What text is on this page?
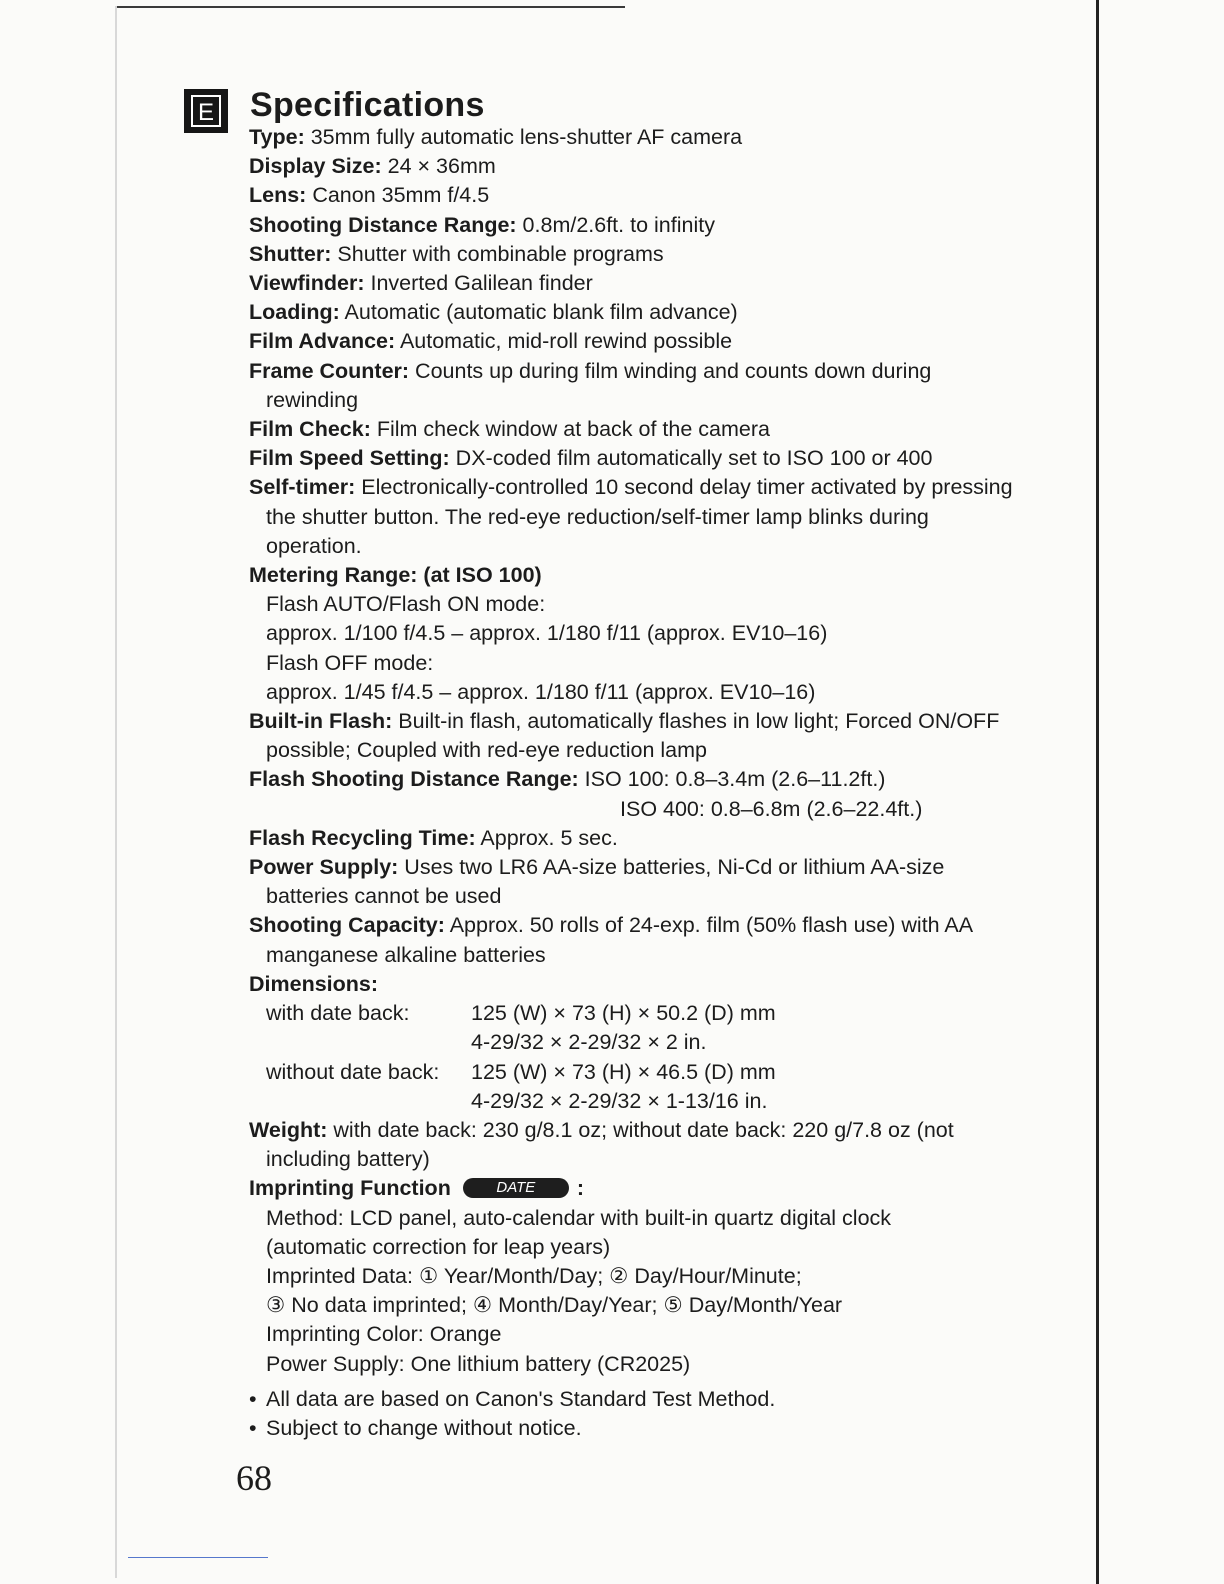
E	Specifications

Type: 35mm fully automatic lens-shutter AF camera

Display Size: 24 × 36mm

Lens: Canon 35mm f/4.5

Shooting Distance Range: 0.8m/2.6ft. to infinity

Shutter: Shutter with combinable programs

Viewfinder: Inverted Galilean finder

Loading: Automatic (automatic blank film advance)

Film Advance: Automatic, mid-roll rewind possible

Frame Counter: Counts up during film winding and counts down during rewinding

Film Check: Film check window at back of the camera

Film Speed Setting: DX-coded film automatically set to ISO 100 or 400

Self-timer: Electronically-controlled 10 second delay timer activated by pressing the shutter button. The red-eye reduction/self-timer lamp blinks during operation.

Metering Range: (at ISO 100)

Flash AUTO/Flash ON mode:

approx. 1/100 f/4.5 – approx. 1/180 f/11 (approx. EV10–16)

Flash OFF mode:

approx. 1/45 f/4.5 – approx. 1/180 f/11 (approx. EV10–16)

Built-in Flash: Built-in flash, automatically flashes in low light; Forced ON/OFF possible; Coupled with red-eye reduction lamp

Flash Shooting Distance Range: ISO 100: 0.8–3.4m (2.6–11.2ft.)

ISO 400: 0.8–6.8m (2.6–22.4ft.)

Flash Recycling Time: Approx. 5 sec.

Power Supply: Uses two LR6 AA-size batteries, Ni-Cd or lithium AA-size batteries cannot be used

Shooting Capacity: Approx. 50 rolls of 24-exp. film (50% flash use) with AA manganese alkaline batteries

Dimensions:

with date back:	125 (W) × 73 (H) × 50.2 (D) mm
4-29/32 × 2-29/32 × 2 in.
without date back:	125 (W) × 73 (H) × 46.5 (D) mm
4-29/32 × 2-29/32 × 1-13/16 in.

Weight: with date back: 230 g/8.1 oz; without date back: 220 g/7.8 oz (not including battery)

Imprinting Function	DATE :

Method: LCD panel, auto-calendar with built-in quartz digital clock

(automatic correction for leap years)

Imprinted Data: ① Year/Month/Day; ② Day/Hour/Minute;

③ No data imprinted; ④ Month/Day/Year; ⑤ Day/Month/Year

Imprinting Color: Orange

Power Supply: One lithium battery (CR2025)

• All data are based on Canon's Standard Test Method.

• Subject to change without notice.

68
